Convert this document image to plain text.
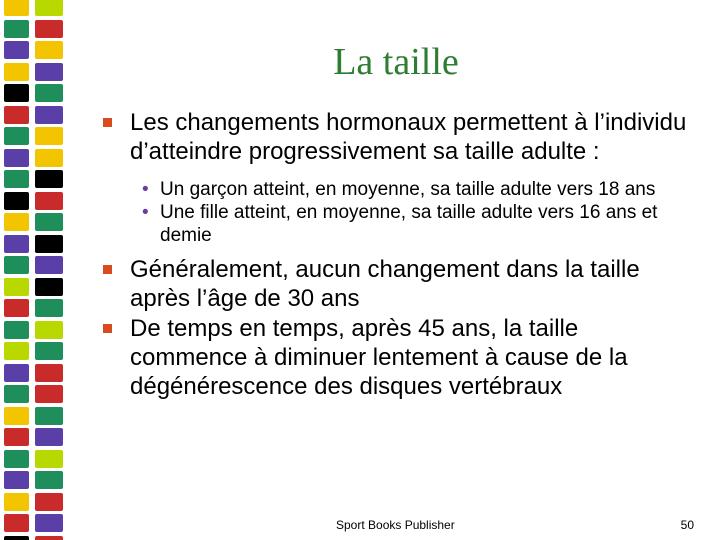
La taille

Les changements hormonaux permettent à l’individu d’atteindre progressivement sa taille adulte :

• Un garçon atteint, en moyenne, sa taille adulte vers 18 ans

• Une fille atteint, en moyenne, sa taille adulte vers 16 ans et demie

Généralement, aucun changement dans la taille après l’âge de 30 ans

De temps en temps, après 45 ans, la taille commence à diminuer lentement à cause de la dégénérescence des disques vertébraux

Sport Books Publisher	50
